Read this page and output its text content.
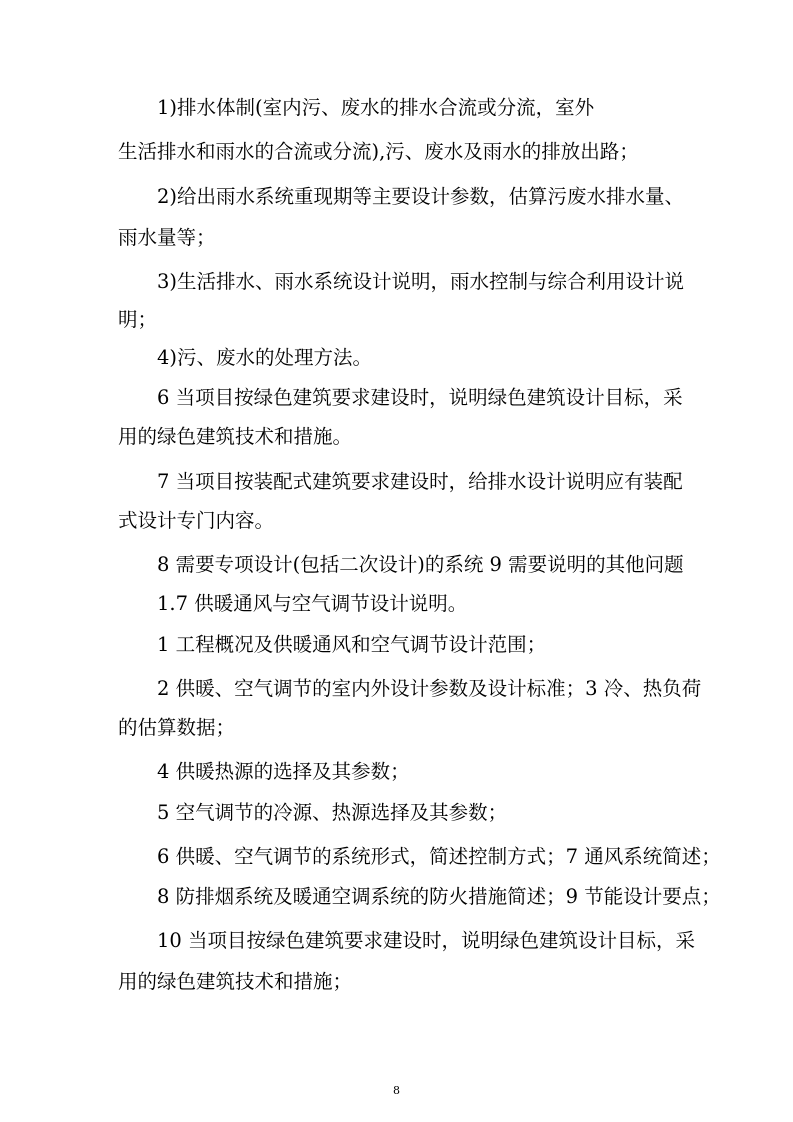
1)排水体制(室内污、废水的排水合流或分流，室外
生活排水和雨水的合流或分流),污、废水及雨水的排放出路；
2)给出雨水系统重现期等主要设计参数，估算污废水排水量、
雨水量等；
3)生活排水、雨水系统设计说明，雨水控制与综合利用设计说
明；
4)污、废水的处理方法。
6 当项目按绿色建筑要求建设时，说明绿色建筑设计目标，采
用的绿色建筑技术和措施。
7 当项目按装配式建筑要求建设时，给排水设计说明应有装配
式设计专门内容。
8 需要专项设计(包括二次设计)的系统 9 需要说明的其他问题
1.7 供暖通风与空气调节设计说明。
1 工程概况及供暖通风和空气调节设计范围；
2 供暖、空气调节的室内外设计参数及设计标准；3 冷、热负荷
的估算数据；
4 供暖热源的选择及其参数；
5 空气调节的冷源、热源选择及其参数；
6 供暖、空气调节的系统形式，简述控制方式；7 通风系统简述；
8 防排烟系统及暖通空调系统的防火措施简述；9 节能设计要点；
10 当项目按绿色建筑要求建设时，说明绿色建筑设计目标，采
用的绿色建筑技术和措施；
8
